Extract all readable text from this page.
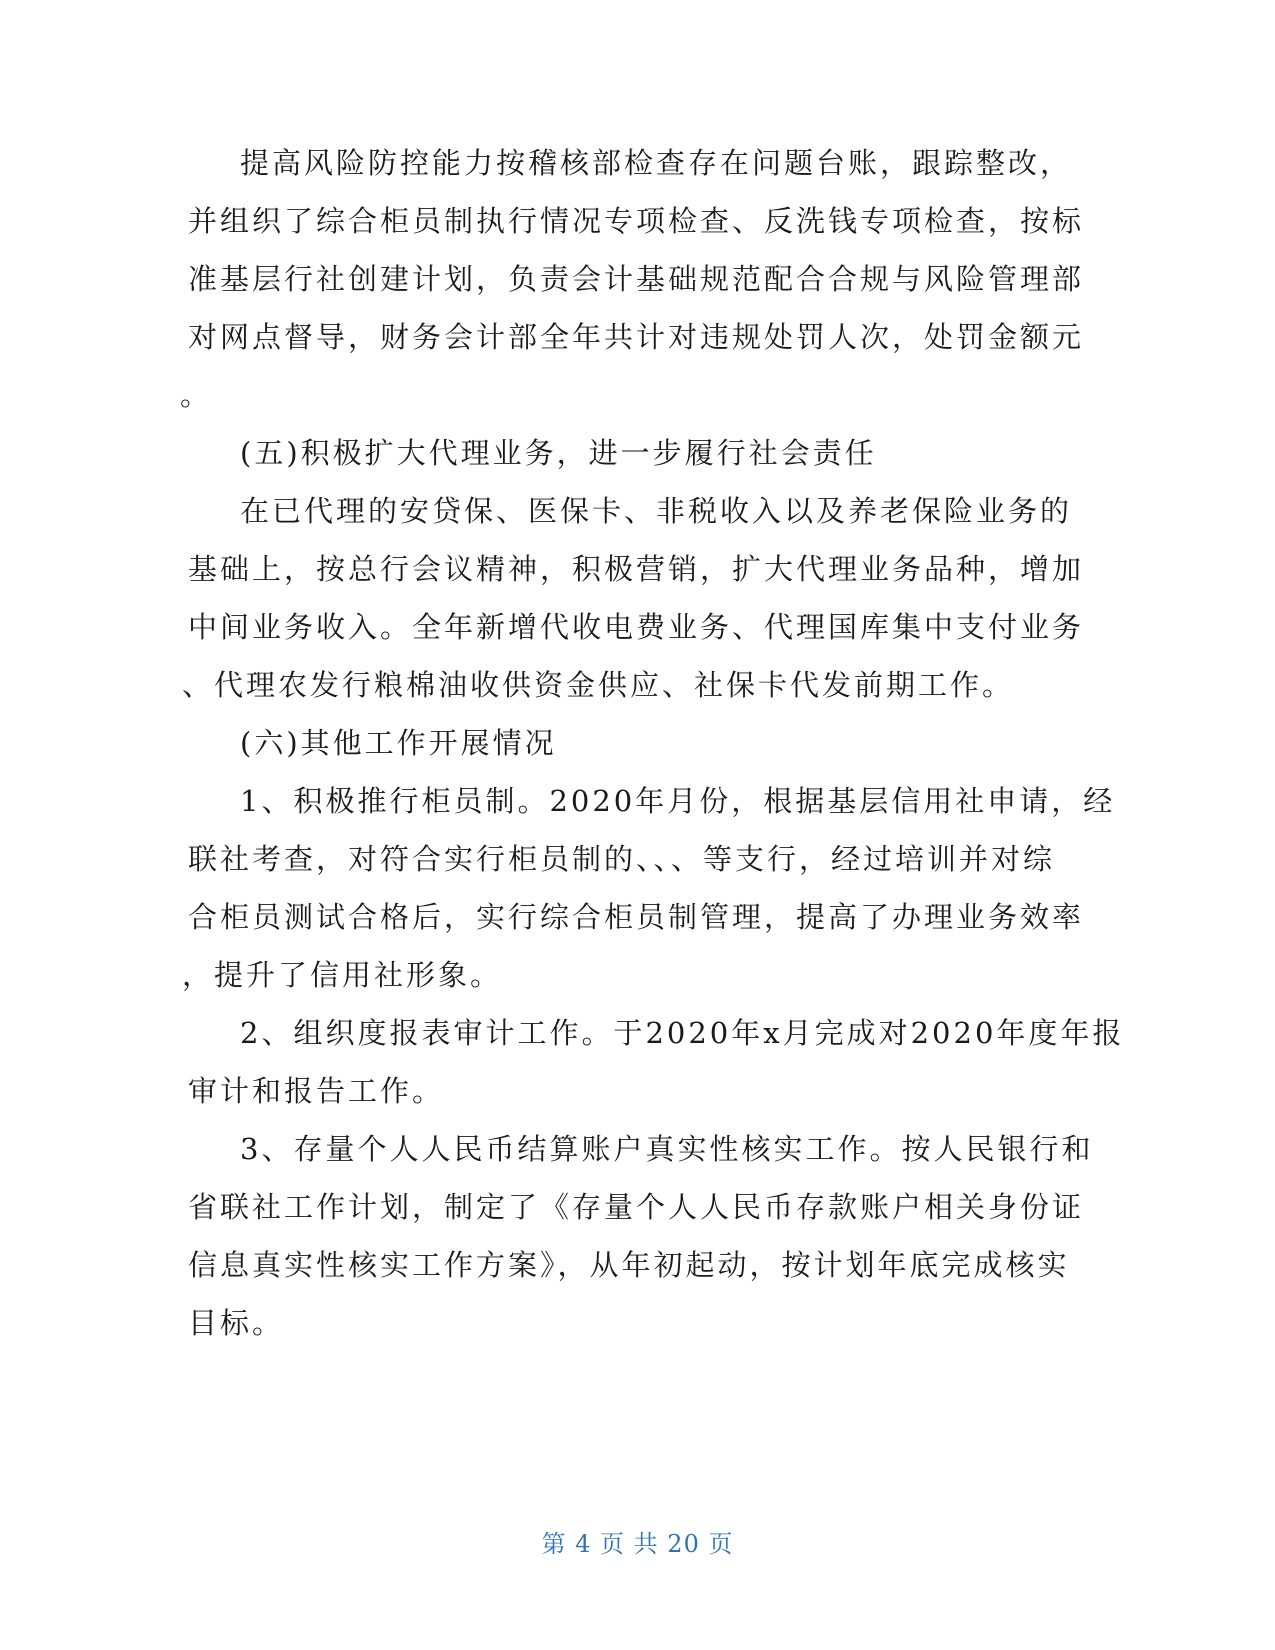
提高风险防控能力按稽核部检查存在问题台账，跟踪整改，
并组织了综合柜员制执行情况专项检查、反洗钱专项检查，按标
准基层行社创建计划，负责会计基础规范配合合规与风险管理部
对网点督导，财务会计部全年共计对违规处罚人次，处罚金额元
。
(五)积极扩大代理业务，进一步履行社会责任
在已代理的安贷保、医保卡、非税收入以及养老保险业务的
基础上，按总行会议精神，积极营销，扩大代理业务品种，增加
中间业务收入。全年新增代收电费业务、代理国库集中支付业务
、代理农发行粮棉油收供资金供应、社保卡代发前期工作。
(六)其他工作开展情况
1、积极推行柜员制。2020年月份，根据基层信用社申请，经
联社考查，对符合实行柜员制的、、、等支行，经过培训并对综
合柜员测试合格后，实行综合柜员制管理，提高了办理业务效率
，提升了信用社形象。
2、组织度报表审计工作。于2020年x月完成对2020年度年报
审计和报告工作。
3、存量个人人民币结算账户真实性核实工作。按人民银行和
省联社工作计划，制定了《存量个人人民币存款账户相关身份证
信息真实性核实工作方案》，从年初起动，按计划年底完成核实
目标。
第 4 页 共 20 页
